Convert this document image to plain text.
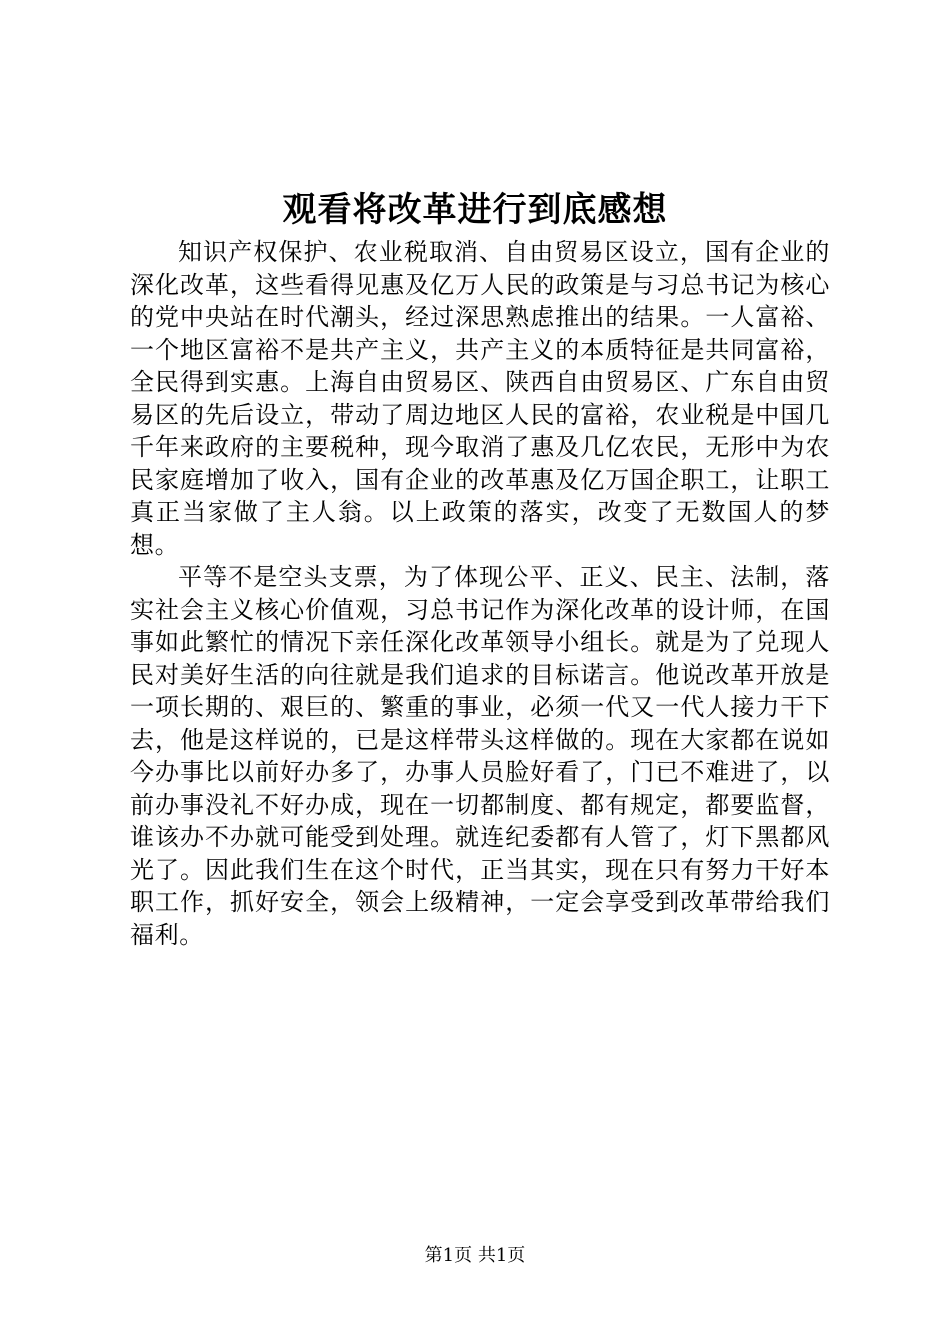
观看将改革进行到底感想

知识产权保护、农业税取消、自由贸易区设立，国有企业的深化改革，这些看得见惠及亿万人民的政策是与习总书记为核心的党中央站在时代潮头，经过深思熟虑推出的结果。一人富裕、一个地区富裕不是共产主义，共产主义的本质特征是共同富裕，全民得到实惠。上海自由贸易区、陕西自由贸易区、广东自由贸易区的先后设立，带动了周边地区人民的富裕，农业税是中国几千年来政府的主要税种，现今取消了惠及几亿农民，无形中为农民家庭增加了收入，国有企业的改革惠及亿万国企职工，让职工真正当家做了主人翁。以上政策的落实，改变了无数国人的梦想。

平等不是空头支票，为了体现公平、正义、民主、法制，落实社会主义核心价值观，习总书记作为深化改革的设计师，在国事如此繁忙的情况下亲任深化改革领导小组长。就是为了兑现人民对美好生活的向往就是我们追求的目标诺言。他说改革开放是一项长期的、艰巨的、繁重的事业，必须一代又一代人接力干下去，他是这样说的，已是这样带头这样做的。现在大家都在说如今办事比以前好办多了，办事人员脸好看了，门已不难进了，以前办事没礼不好办成，现在一切都制度、都有规定，都要监督，谁该办不办就可能受到处理。就连纪委都有人管了，灯下黑都风光了。因此我们生在这个时代，正当其实，现在只有努力干好本职工作，抓好安全，领会上级精神，一定会享受到改革带给我们福利。

第1页 共1页
